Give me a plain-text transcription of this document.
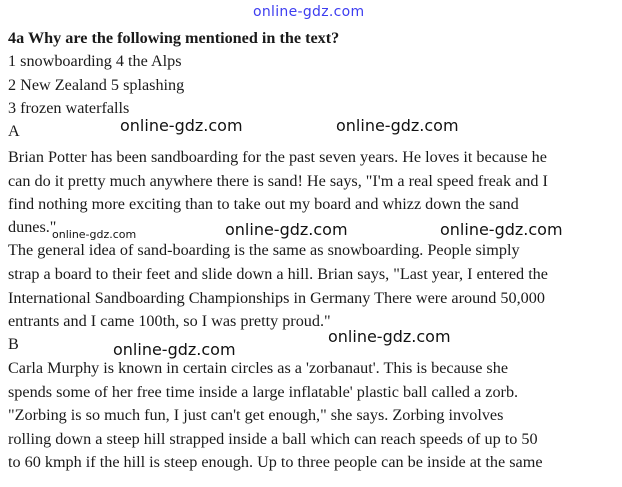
online-gdz.com

4a Why are the following mentioned in the text?

1 snowboarding 4 the Alps

2 New Zealand 5 splashing

3 frozen waterfalls

A

Brian Potter has been sandboarding for the past seven years. He loves it because he

can do it pretty much anywhere there is sand! He says, "I'm a real speed freak and I

find nothing more exciting than to take out my board and whizz down the sand

dunes."

The general idea of sand-boarding is the same as snowboarding. People simply

strap a board to their feet and slide down a hill. Brian says, "Last year, I entered the

International Sandboarding Championships in Germany There were around 50,000

entrants and I came 100th, so I was pretty proud."

B

Carla Murphy is known in certain circles as a 'zorbanaut'. This is because she

spends some of her free time inside a large inflatable' plastic ball called a zorb.

"Zorbing is so much fun, I just can't get enough," she says. Zorbing involves

rolling down a steep hill strapped inside a ball which can reach speeds of up to 50

to 60 kmph if the hill is steep enough. Up to three people can be inside at the same

online-gdz.com	online-gdz.com
online-gdz.com	online-gdz.com	online-gdz.com
online-gdz.com
online-gdz.com
